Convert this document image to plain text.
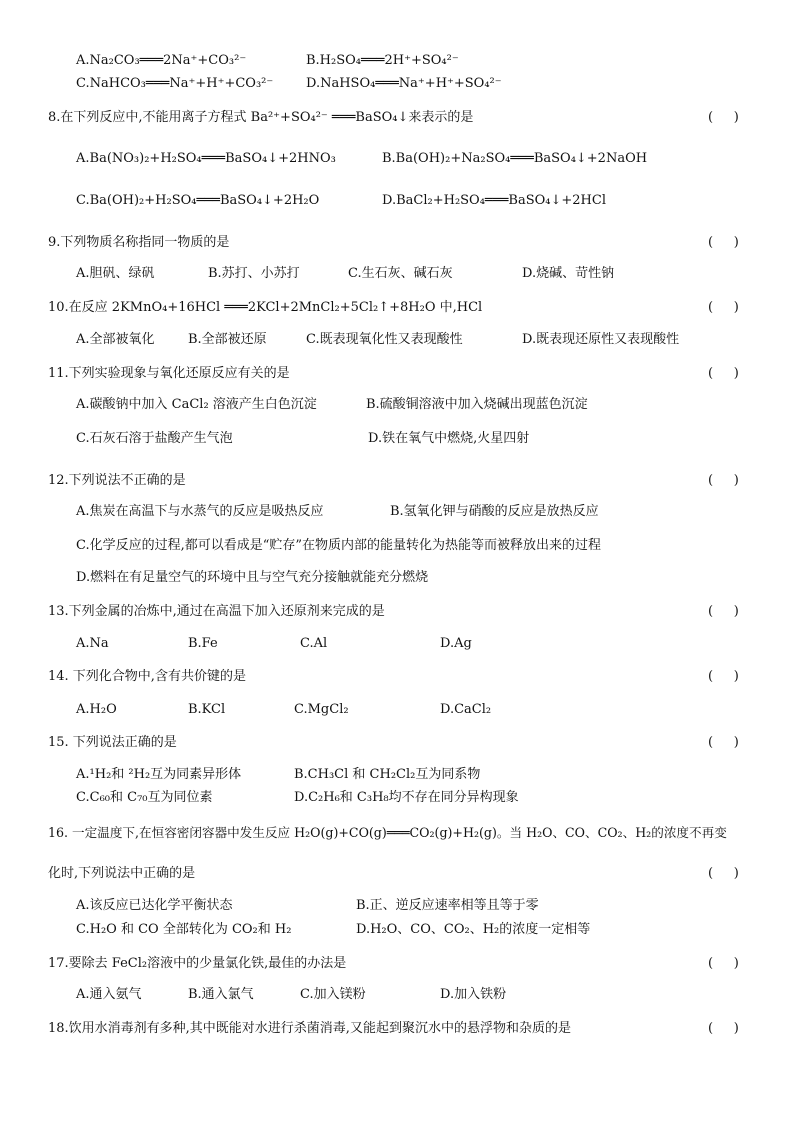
A.Na₂CO₃═══2Na⁺+CO₃²⁻	B.H₂SO₄═══2H⁺+SO₄²⁻
C.NaHCO₃═══Na⁺+H⁺+CO₃²⁻	D.NaHSO₄═══Na⁺+H⁺+SO₄²⁻
8.在下列反应中,不能用离子方程式 Ba²⁺+SO₄²⁻ ═══BaSO₄↓来表示的是	(     )
A.Ba(NO₃)₂+H₂SO₄═══BaSO₄↓+2HNO₃	B.Ba(OH)₂+Na₂SO₄═══BaSO₄↓+2NaOH
C.Ba(OH)₂+H₂SO₄═══BaSO₄↓+2H₂O	D.BaCl₂+H₂SO₄═══BaSO₄↓+2HCl
9.下列物质名称指同一物质的是	(     )
A.胆矾、绿矾	B.苏打、小苏打	C.生石灰、碱石灰	D.烧碱、苛性钠
10.在反应 2KMnO₄+16HCl ═══2KCl+2MnCl₂+5Cl₂↑+8H₂O 中,HCl	(     )
A.全部被氧化	B.全部被还原	C.既表现氧化性又表现酸性	D.既表现还原性又表现酸性
11.下列实验现象与氧化还原反应有关的是	(     )
A.碳酸钠中加入 CaCl₂ 溶液产生白色沉淀	B.硫酸铜溶液中加入烧碱出现蓝色沉淀
C.石灰石溶于盐酸产生气泡	D.铁在氧气中燃烧,火星四射
12.下列说法不正确的是	(     )
A.焦炭在高温下与水蒸气的反应是吸热反应	B.氢氧化钾与硝酸的反应是放热反应
C.化学反应的过程,都可以看成是“贮存”在物质内部的能量转化为热能等而被释放出来的过程
D.燃料在有足量空气的环境中且与空气充分接触就能充分燃烧
13.下列金属的冶炼中,通过在高温下加入还原剂来完成的是	(     )
A.Na	B.Fe	C.Al	D.Ag
14. 下列化合物中,含有共价键的是	(     )
A.H₂O	B.KCl	C.MgCl₂	D.CaCl₂
15. 下列说法正确的是	(     )
A.¹H₂和 ²H₂互为同素异形体	B.CH₃Cl 和 CH₂Cl₂互为同系物
C.C₆₀和 C₇₀互为同位素	D.C₂H₆和 C₃H₈均不存在同分异构现象
16. 一定温度下,在恒容密闭容器中发生反应 H₂O(g)+CO(g)═══CO₂(g)+H₂(g)。当 H₂O、CO、CO₂、H₂的浓度不再变
化时,下列说法中正确的是	(     )
A.该反应已达化学平衡状态	B.正、逆反应速率相等且等于零
C.H₂O 和 CO 全部转化为 CO₂和 H₂	D.H₂O、CO、CO₂、H₂的浓度一定相等
17.要除去 FeCl₂溶液中的少量氯化铁,最佳的办法是	(     )
A.通入氨气	B.通入氯气	C.加入镁粉	D.加入铁粉
18.饮用水消毒剂有多种,其中既能对水进行杀菌消毒,又能起到聚沉水中的悬浮物和杂质的是	(     )
